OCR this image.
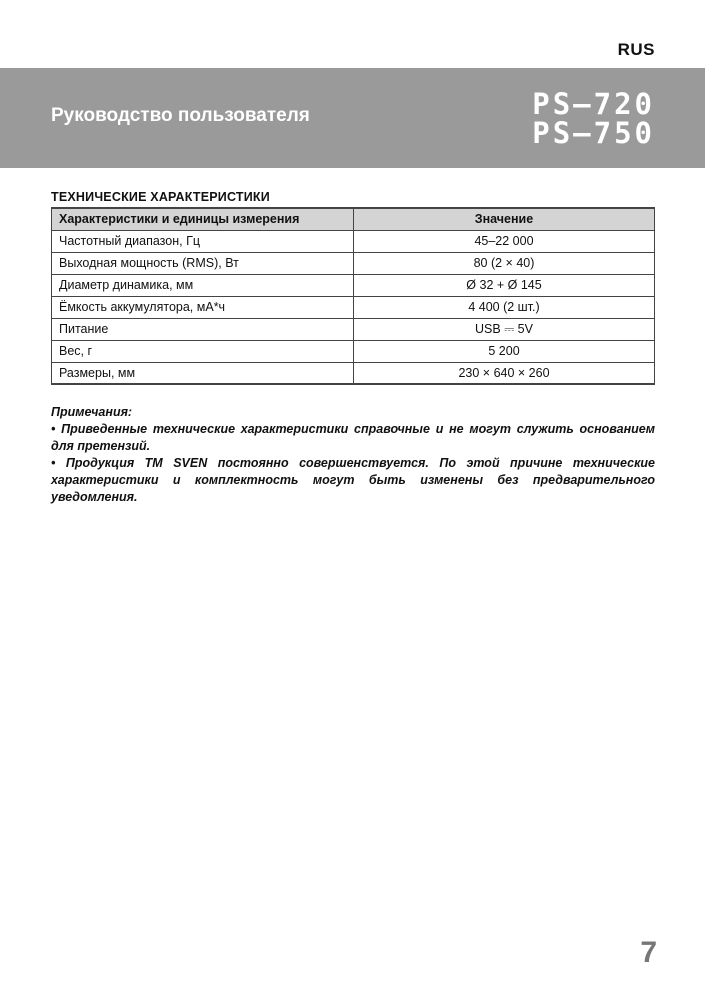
RUS
Руководство пользователя	PS–720
PS–750
ТЕХНИЧЕСКИЕ ХАРАКТЕРИСТИКИ
Характеристики и единицы измерения	Значение
Частотный диапазон, Гц	45–22 000
Выходная мощность (RMS), Вт	80 (2 × 40)
Диаметр динамика, мм	Ø 32 + Ø 145
Ёмкость аккумулятора, мА*ч	4 400 (2 шт.)
Питание	USB ⎓ 5V
Вес, г	5 200
Размеры, мм	230 × 640 × 260

Примечания:

• Приведенные технические характеристики справочные и не могут служить основанием для претензий.

• Продукция TM SVEN постоянно совершенствуется. По этой причине технические характеристики и комплектность могут быть изменены без предварительного уведомления.

7
